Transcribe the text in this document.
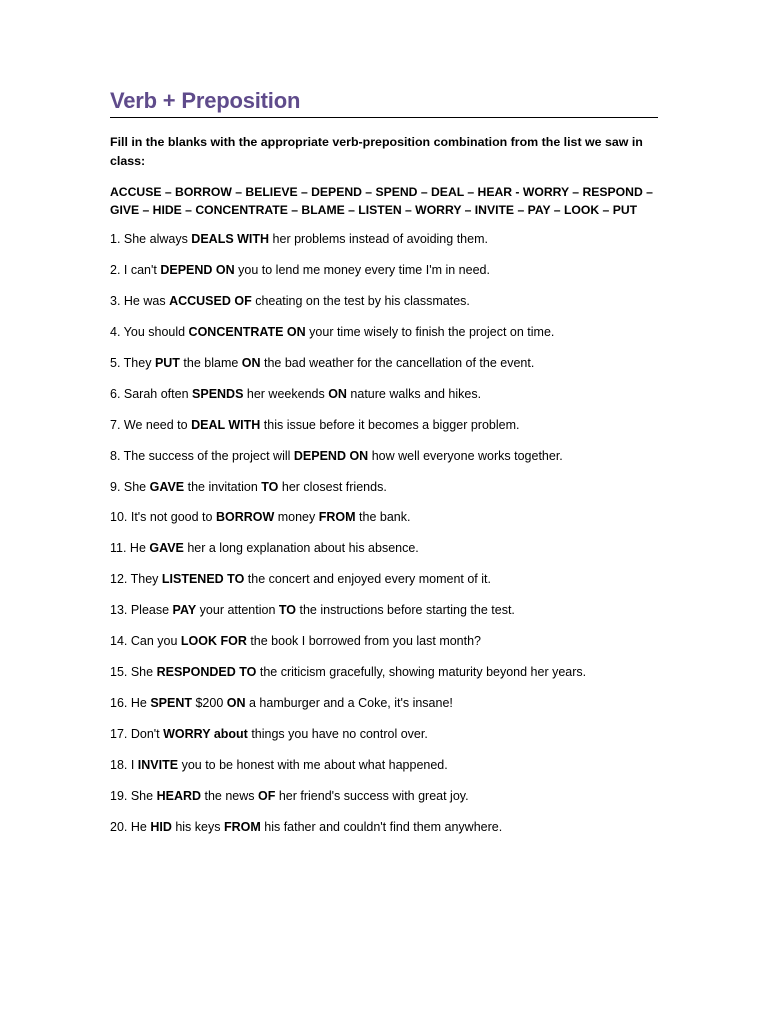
Verb + Preposition
Fill in the blanks with the appropriate verb-preposition combination from the list we saw in class:
ACCUSE – BORROW – BELIEVE – DEPEND – SPEND – DEAL – HEAR - WORRY – RESPOND –
GIVE – HIDE – CONCENTRATE – BLAME – LISTEN – WORRY – INVITE – PAY – LOOK – PUT
1. She always DEALS WITH her problems instead of avoiding them.
2. I can't DEPEND ON you to lend me money every time I'm in need.
3. He was ACCUSED OF cheating on the test by his classmates.
4. You should CONCENTRATE ON your time wisely to finish the project on time.
5. They PUT the blame ON the bad weather for the cancellation of the event.
6. Sarah often SPENDS her weekends ON nature walks and hikes.
7. We need to DEAL WITH this issue before it becomes a bigger problem.
8. The success of the project will DEPEND ON how well everyone works together.
9. She GAVE the invitation TO her closest friends.
10. It's not good to BORROW money FROM the bank.
11. He GAVE her a long explanation about his absence.
12. They LISTENED TO the concert and enjoyed every moment of it.
13. Please PAY your attention TO the instructions before starting the test.
14. Can you LOOK FOR the book I borrowed from you last month?
15. She RESPONDED TO the criticism gracefully, showing maturity beyond her years.
16. He SPENT $200 ON a hamburger and a Coke, it's insane!
17. Don't WORRY about things you have no control over.
18. I INVITE you to be honest with me about what happened.
19. She HEARD the news OF her friend's success with great joy.
20. He HID his keys FROM his father and couldn't find them anywhere.
